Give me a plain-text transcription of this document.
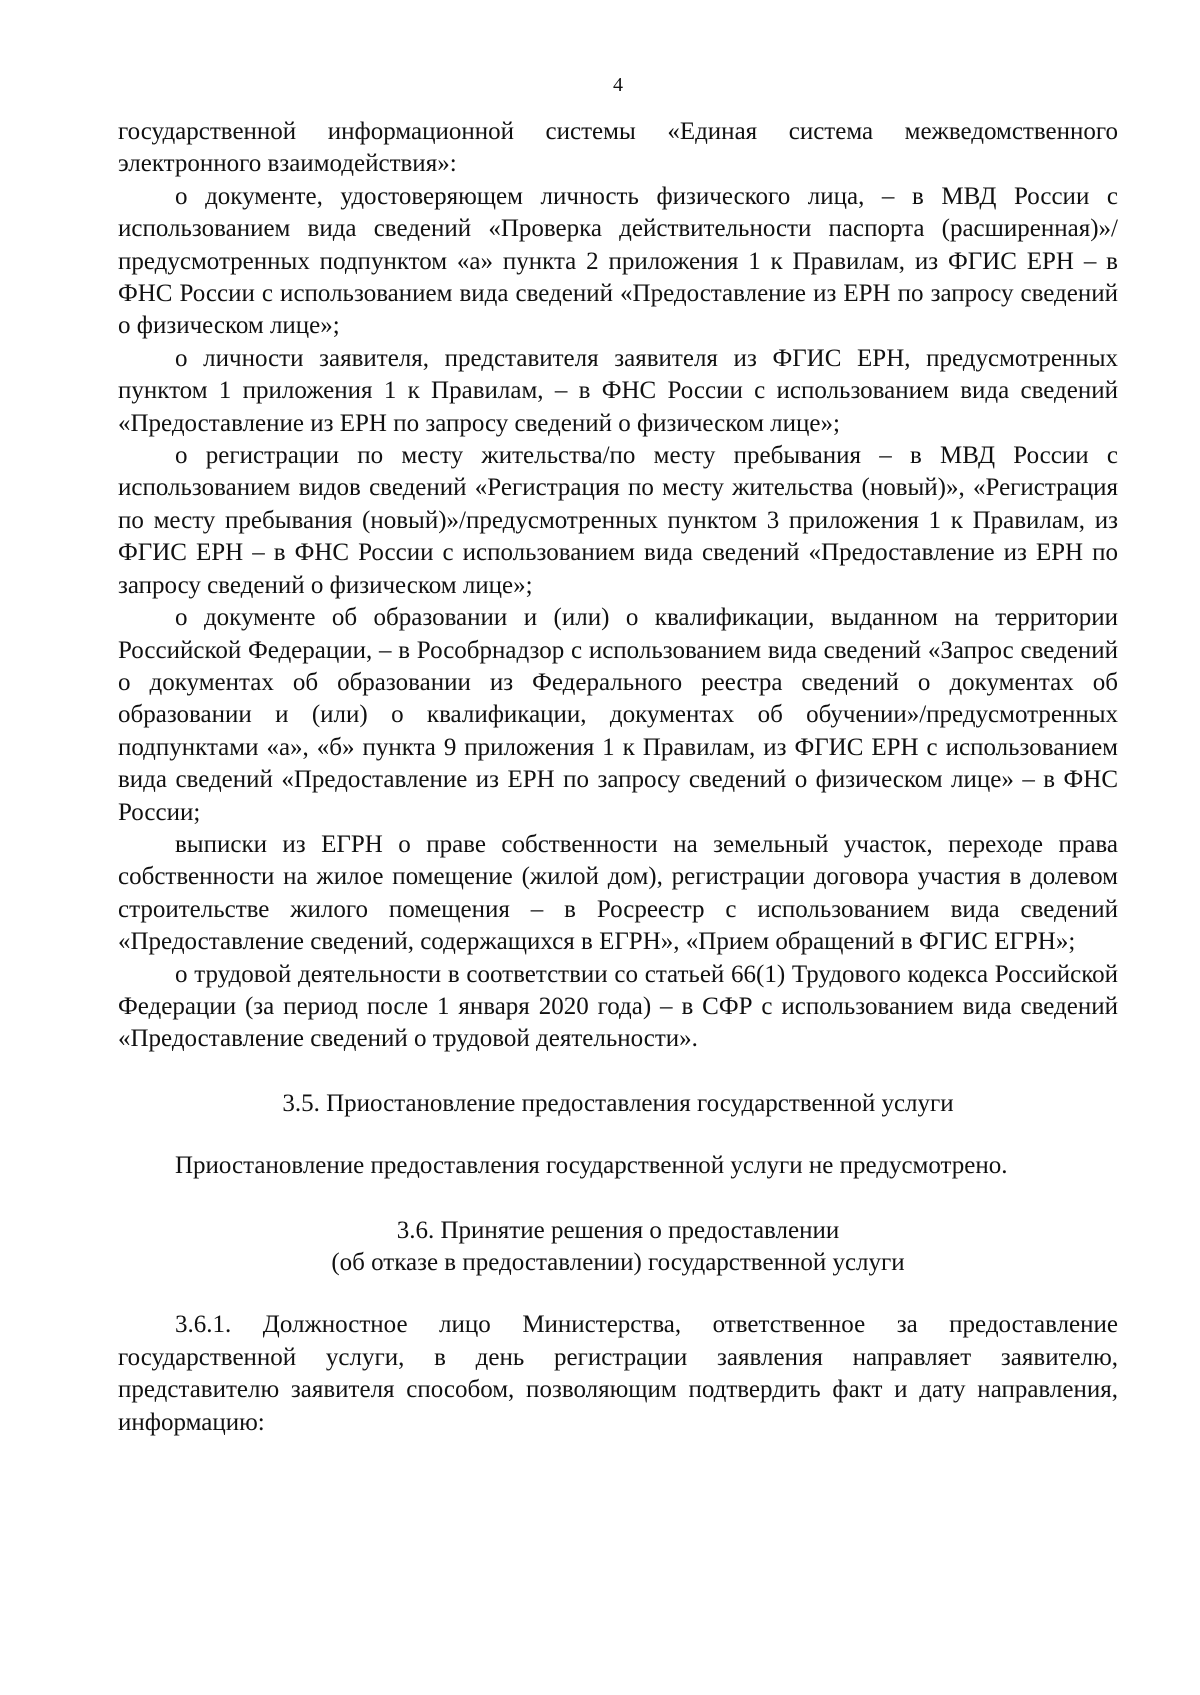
4

государственной информационной системы «Единая система межведомственного электронного взаимодействия»:

о документе, удостоверяющем личность физического лица, – в МВД России с использованием вида сведений «Проверка действительности паспорта (расширенная)»/предусмотренных подпунктом «а» пункта 2 приложения 1 к Правилам, из ФГИС ЕРН – в ФНС России с использованием вида сведений «Предоставление из ЕРН по запросу сведений о физическом лице»;

о личности заявителя, представителя заявителя из ФГИС ЕРН, предусмотренных пунктом 1 приложения 1 к Правилам, – в ФНС России с использованием вида сведений «Предоставление из ЕРН по запросу сведений о физическом лице»;

о регистрации по месту жительства/по месту пребывания – в МВД России с использованием видов сведений «Регистрация по месту жительства (новый)», «Регистрация по месту пребывания (новый)»/предусмотренных пунктом 3 приложения 1 к Правилам, из ФГИС ЕРН – в ФНС России с использованием вида сведений «Предоставление из ЕРН по запросу сведений о физическом лице»;

о документе об образовании и (или) о квалификации, выданном на территории Российской Федерации, – в Рособрнадзор с использованием вида сведений «Запрос сведений о документах об образовании из Федерального реестра сведений о документах об образовании и (или) о квалификации, документах об обучении»/предусмотренных подпунктами «а», «б» пункта 9 приложения 1 к Правилам, из ФГИС ЕРН с использованием вида сведений «Предоставление из ЕРН по запросу сведений о физическом лице» – в ФНС России;

выписки из ЕГРН о праве собственности на земельный участок, переходе права собственности на жилое помещение (жилой дом), регистрации договора участия в долевом строительстве жилого помещения – в Росреестр с использованием вида сведений «Предоставление сведений, содержащихся в ЕГРН», «Прием обращений в ФГИС ЕГРН»;

о трудовой деятельности в соответствии со статьей 66(1) Трудового кодекса Российской Федерации (за период после 1 января 2020 года) – в СФР с использованием вида сведений «Предоставление сведений о трудовой деятельности».

3.5. Приостановление предоставления государственной услуги

Приостановление предоставления государственной услуги не предусмотрено.

3.6. Принятие решения о предоставлении
(об отказе в предоставлении) государственной услуги

3.6.1. Должностное лицо Министерства, ответственное за предоставление государственной услуги, в день регистрации заявления направляет заявителю, представителю заявителя способом, позволяющим подтвердить факт и дату направления, информацию:
